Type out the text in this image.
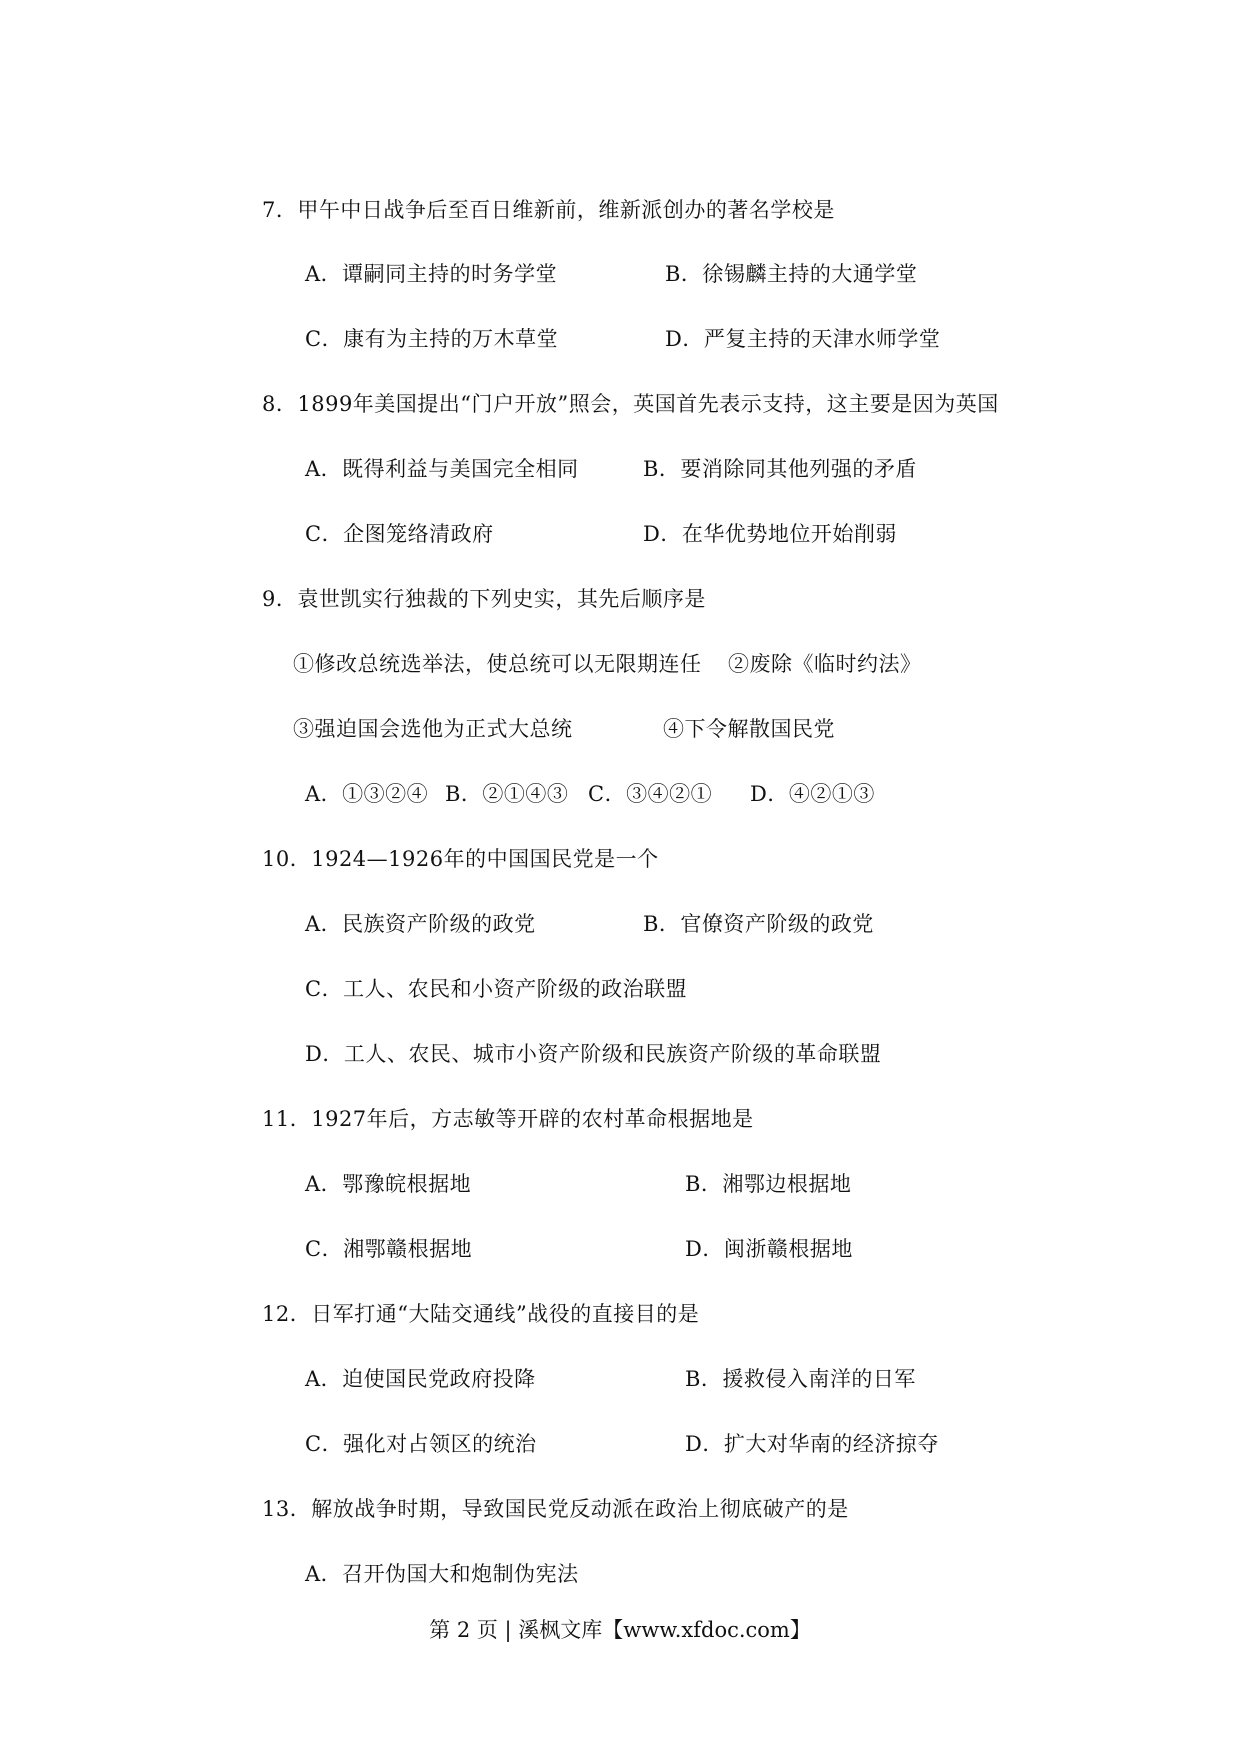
7．甲午中日战争后至百日维新前，维新派创办的著名学校是
A．谭嗣同主持的时务学堂	B．徐锡麟主持的大通学堂
C．康有为主持的万木草堂	D．严复主持的天津水师学堂
8．1899年美国提出“门户开放”照会，英国首先表示支持，这主要是因为英国
A．既得利益与美国完全相同	B．要消除同其他列强的矛盾
C．企图笼络清政府	D．在华优势地位开始削弱
9．袁世凯实行独裁的下列史实，其先后顺序是
①修改总统选举法，使总统可以无限期连任 ②废除《临时约法》
③强迫国会选他为正式大总统	④下令解散国民党
A．①③②④ B．②①④③ C．③④②① D．④②①③
10．1924—1926年的中国国民党是一个
A．民族资产阶级的政党	B．官僚资产阶级的政党
C．工人、农民和小资产阶级的政治联盟
D．工人、农民、城市小资产阶级和民族资产阶级的革命联盟
11．1927年后，方志敏等开辟的农村革命根据地是
A．鄂豫皖根据地	B．湘鄂边根据地
C．湘鄂赣根据地	D．闽浙赣根据地
12．日军打通“大陆交通线”战役的直接目的是
A．迫使国民党政府投降	B．援救侵入南洋的日军
C．强化对占领区的统治	D．扩大对华南的经济掠夺
13．解放战争时期，导致国民党反动派在政治上彻底破产的是
A．召开伪国大和炮制伪宪法
第 2 页 | 溪枫文库【www.xfdoc.com】
